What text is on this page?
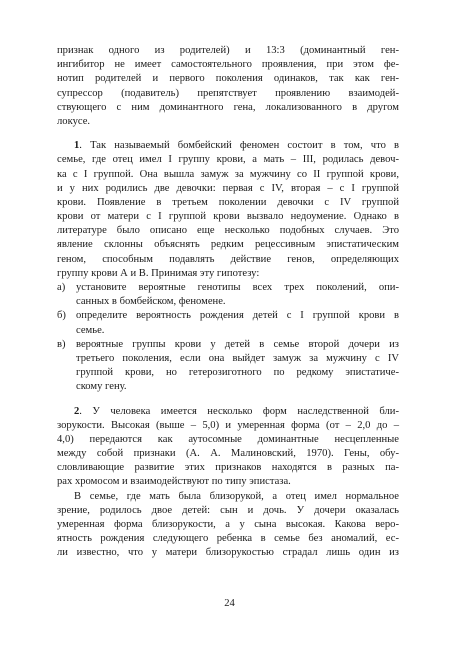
признак одного из родителей) и 13:3 (доминантный ген-
ингибитор не имеет самостоятельного проявления, при этом фе-
нотип родителей и первого поколения одинаков, так как ген-
супрессор (подавитель) препятствует проявлению взаимодей-
ствующего с ним доминантного гена, локализованного в другом
локусе.
1. Так называемый бомбейский феномен состоит в том, что в
семье, где отец имел I группу крови, а мать – III, родилась девоч-
ка с I группой. Она вышла замуж за мужчину со II группой крови,
и у них родились две девочки: первая с IV, вторая – с I группой
крови. Появление в третьем поколении девочки с IV группой
крови от матери с I группой крови вызвало недоумение. Однако в
литературе было описано еще несколько подобных случаев. Это
явление склонны объяснять редким рецессивным эпистатическим
геном, способным подавлять действие генов, определяющих
группу крови А и В. Принимая эту гипотезу:
а) установите вероятные генотипы всех трех поколений, опи-
санных в бомбейском, феномене.
б) определите вероятность рождения детей с I группой крови в
семье.
в) вероятные группы крови у детей в семье второй дочери из
третьего поколения, если она выйдет замуж за мужчину с IV
группой крови, но гетерозиготного по редкому эпистатиче-
скому гену.
2. У человека имеется несколько форм наследственной бли-
зорукости. Высокая (выше – 5,0) и умеренная форма (от – 2,0 до –
4,0) передаются как аутосомные доминантные несцепленные
между собой признаки (А. А. Малиновский, 1970). Гены, обу-
словливающие развитие этих признаков находятся в разных па-
рах хромосом и взаимодействуют по типу эпистаза.
В семье, где мать была близорукой, а отец имел нормальное
зрение, родилось двое детей: сын и дочь. У дочери оказалась
умеренная форма близорукости, а у сына высокая. Какова веро-
ятность рождения следующего ребенка в семье без аномалий, ес-
ли известно, что у матери близорукостью страдал лишь один из
24
